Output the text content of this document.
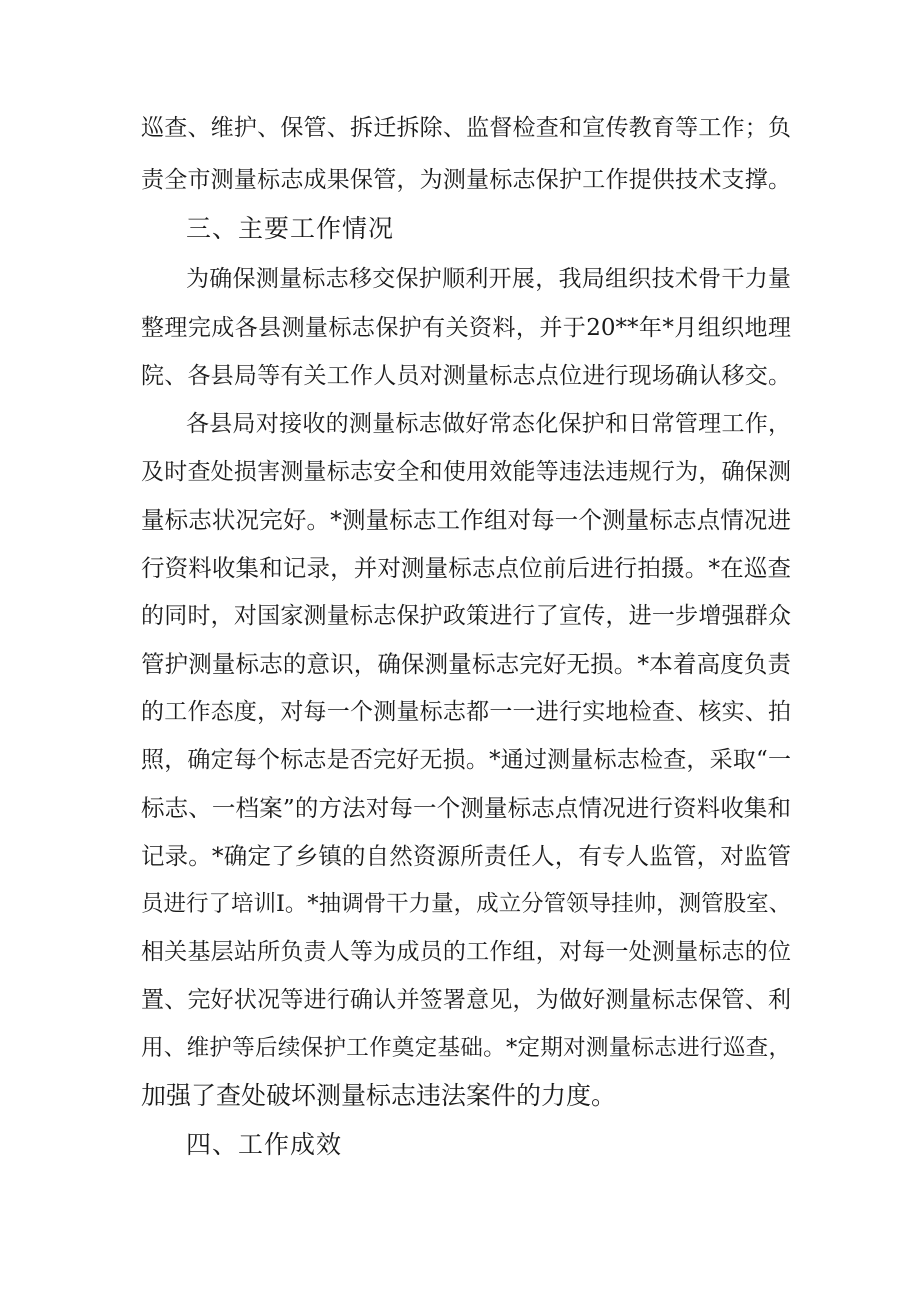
巡查、维护、保管、拆迁拆除、监督检查和宣传教育等工作；负
责全市测量标志成果保管，为测量标志保护工作提供技术支撑。
三、主要工作情况
为确保测量标志移交保护顺利开展，我局组织技术骨干力量
整理完成各县测量标志保护有关资料，并于20**年*月组织地理
院、各县局等有关工作人员对测量标志点位进行现场确认移交。
各县局对接收的测量标志做好常态化保护和日常管理工作，
及时查处损害测量标志安全和使用效能等违法违规行为，确保测
量标志状况完好。*测量标志工作组对每一个测量标志点情况进
行资料收集和记录，并对测量标志点位前后进行拍摄。*在巡查
的同时，对国家测量标志保护政策进行了宣传，进一步增强群众
管护测量标志的意识，确保测量标志完好无损。*本着高度负责
的工作态度，对每一个测量标志都一一进行实地检查、核实、拍
照，确定每个标志是否完好无损。*通过测量标志检查，采取“一
标志、一档案”的方法对每一个测量标志点情况进行资料收集和
记录。*确定了乡镇的自然资源所责任人，有专人监管，对监管
员进行了培训I。*抽调骨干力量，成立分管领导挂帅，测管股室、
相关基层站所负责人等为成员的工作组，对每一处测量标志的位
置、完好状况等进行确认并签署意见，为做好测量标志保管、利
用、维护等后续保护工作奠定基础。*定期对测量标志进行巡查，
加强了查处破坏测量标志违法案件的力度。
四、工作成效
